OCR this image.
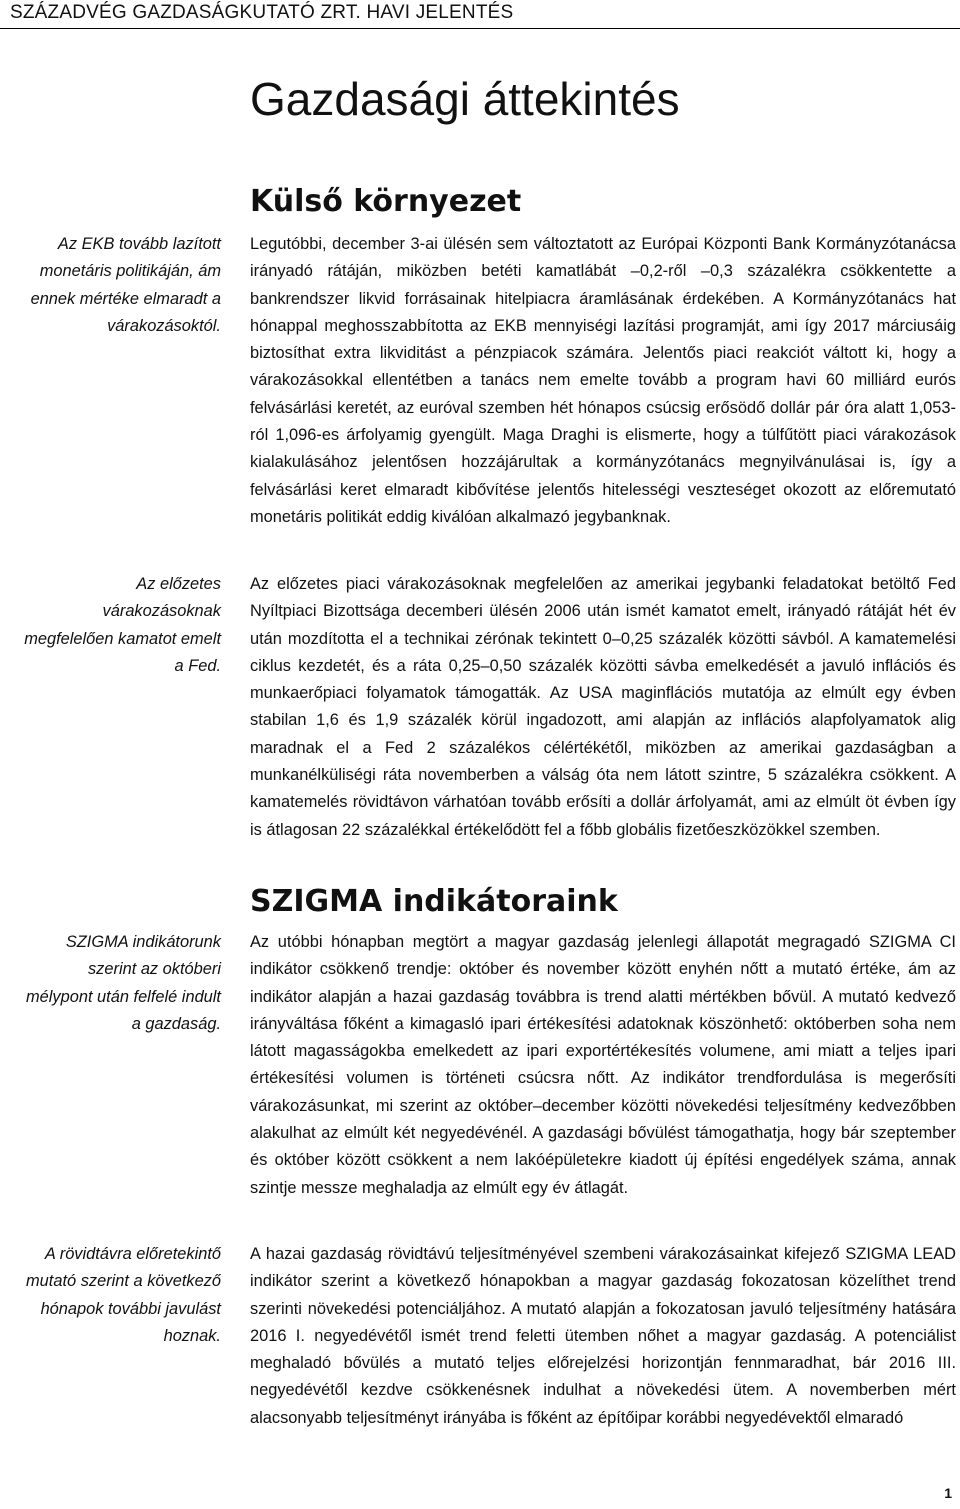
SZÁZADVÉG GAZDASÁGKUTATÓ ZRT. HAVI JELENTÉS
Gazdasági áttekintés
Külső környezet

Az EKB tovább lazított monetáris politikáján, ám ennek mértéke elmaradt a várakozásoktól.

Legutóbbi, december 3-ai ülésén sem változtatott az Európai Központi Bank Kormányzótanácsa irányadó rátáján, miközben betéti kamatlábát –0,2-ről –0,3 százalékra csökkentette a bankrendszer likvid forrásainak hitelpiacra áramlásának érdekében. A Kormányzótanács hat hónappal meghosszabbította az EKB mennyiségi lazítási programját, ami így 2017 márciusáig biztosíthat extra likviditást a pénzpiacok számára. Jelentős piaci reakciót váltott ki, hogy a várakozásokkal ellentétben a tanács nem emelte tovább a program havi 60 milliárd eurós felvásárlási keretét, az euróval szemben hét hónapos csúcsig erősödő dollár pár óra alatt 1,053-ról 1,096-es árfolyamig gyengült. Maga Draghi is elismerte, hogy a túlfűtött piaci várakozások kialakulásához jelentősen hozzájárultak a kormányzótanács megnyilvánulásai is, így a felvásárlási keret elmaradt kibővítése jelentős hitelességi veszteséget okozott az előremutató monetáris politikát eddig kiválóan alkalmazó jegybanknak.

Az előzetes várakozásoknak megfelelően kamatot emelt a Fed.

Az előzetes piaci várakozásoknak megfelelően az amerikai jegybanki feladatokat betöltő Fed Nyíltpiaci Bizottsága decemberi ülésén 2006 után ismét kamatot emelt, irányadó rátáját hét év után mozdította el a technikai zérónak tekintett 0–0,25 százalék közötti sávból. A kamatemelési ciklus kezdetét, és a ráta 0,25–0,50 százalék közötti sávba emelkedését a javuló inflációs és munkaerőpiaci folyamatok támogatták. Az USA maginflációs mutatója az elmúlt egy évben stabilan 1,6 és 1,9 százalék körül ingadozott, ami alapján az inflációs alapfolyamatok alig maradnak el a Fed 2 százalékos célértékétől, miközben az amerikai gazdaságban a munkanélküliségi ráta novemberben a válság óta nem látott szintre, 5 százalékra csökkent. A kamatemelés rövidtávon várhatóan tovább erősíti a dollár árfolyamát, ami az elmúlt öt évben így is átlagosan 22 százalékkal értékelődött fel a főbb globális fizetőeszközökkel szemben.

SZIGMA indikátoraink

SZIGMA indikátorunk szerint az októberi mélypont után felfelé indult a gazdaság.

Az utóbbi hónapban megtört a magyar gazdaság jelenlegi állapotát megragadó SZIGMA CI indikátor csökkenő trendje: október és november között enyhén nőtt a mutató értéke, ám az indikátor alapján a hazai gazdaság továbbra is trend alatti mértékben bővül. A mutató kedvező irányváltása főként a kimagasló ipari értékesítési adatoknak köszönhető: októberben soha nem látott magasságokba emelkedett az ipari exportértékesítés volumene, ami miatt a teljes ipari értékesítési volumen is történeti csúcsra nőtt. Az indikátor trendfordulása is megerősíti várakozásunkat, mi szerint az október–december közötti növekedési teljesítmény kedvezőbben alakulhat az elmúlt két negyedévénél. A gazdasági bővülést támogathatja, hogy bár szeptember és október között csökkent a nem lakóépületekre kiadott új építési engedélyek száma, annak szintje messze meghaladja az elmúlt egy év átlagát.

A rövidtávra előretekintő mutató szerint a következő hónapok további javulást hoznak.

A hazai gazdaság rövidtávú teljesítményével szembeni várakozásainkat kifejező SZIGMA LEAD indikátor szerint a következő hónapokban a magyar gazdaság fokozatosan közelíthet trend szerinti növekedési potenciáljához. A mutató alapján a fokozatosan javuló teljesítmény hatására 2016 I. negyedévétől ismét trend feletti ütemben nőhet a magyar gazdaság. A potenciálist meghaladó bővülés a mutató teljes előrejelzési horizontján fennmaradhat, bár 2016 III. negyedévétől kezdve csökkenésnek indulhat a növekedési ütem. A novemberben mért alacsonyabb teljesítményt irányába is főként az építőipar korábbi negyedévektől elmaradó

1
